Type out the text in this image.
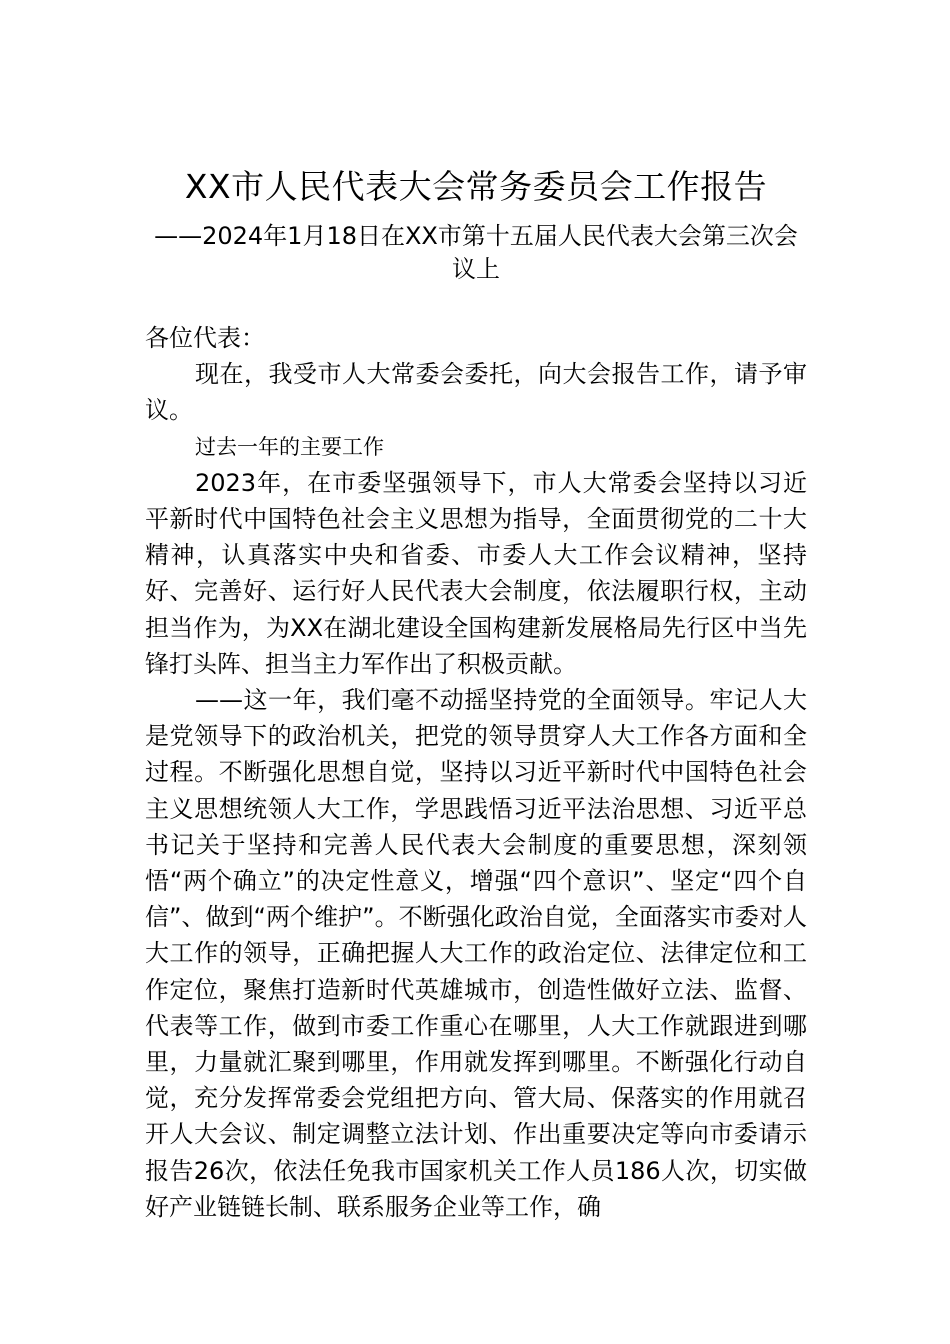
XX市人民代表大会常务委员会工作报告
——2024年1月18日在XX市第十五届人民代表大会第三次会议上

各位代表：

现在，我受市人大常委会委托，向大会报告工作，请予审议。

过去一年的主要工作

2023年，在市委坚强领导下，市人大常委会坚持以习近平新时代中国特色社会主义思想为指导，全面贯彻党的二十大精神，认真落实中央和省委、市委人大工作会议精神，坚持好、完善好、运行好人民代表大会制度，依法履职行权，主动担当作为，为XX在湖北建设全国构建新发展格局先行区中当先锋打头阵、担当主力军作出了积极贡献。

——这一年，我们毫不动摇坚持党的全面领导。牢记人大是党领导下的政治机关，把党的领导贯穿人大工作各方面和全过程。不断强化思想自觉，坚持以习近平新时代中国特色社会主义思想统领人大工作，学思践悟习近平法治思想、习近平总书记关于坚持和完善人民代表大会制度的重要思想，深刻领悟“两个确立”的决定性意义，增强“四个意识”、坚定“四个自信”、做到“两个维护”。不断强化政治自觉，全面落实市委对人大工作的领导，正确把握人大工作的政治定位、法律定位和工作定位，聚焦打造新时代英雄城市，创造性做好立法、监督、代表等工作，做到市委工作重心在哪里，人大工作就跟进到哪里，力量就汇聚到哪里，作用就发挥到哪里。不断强化行动自觉，充分发挥常委会党组把方向、管大局、保落实的作用就召开人大会议、制定调整立法计划、作出重要决定等向市委请示报告26次，依法任免我市国家机关工作人员186人次，切实做好产业链链长制、联系服务企业等工作，确
